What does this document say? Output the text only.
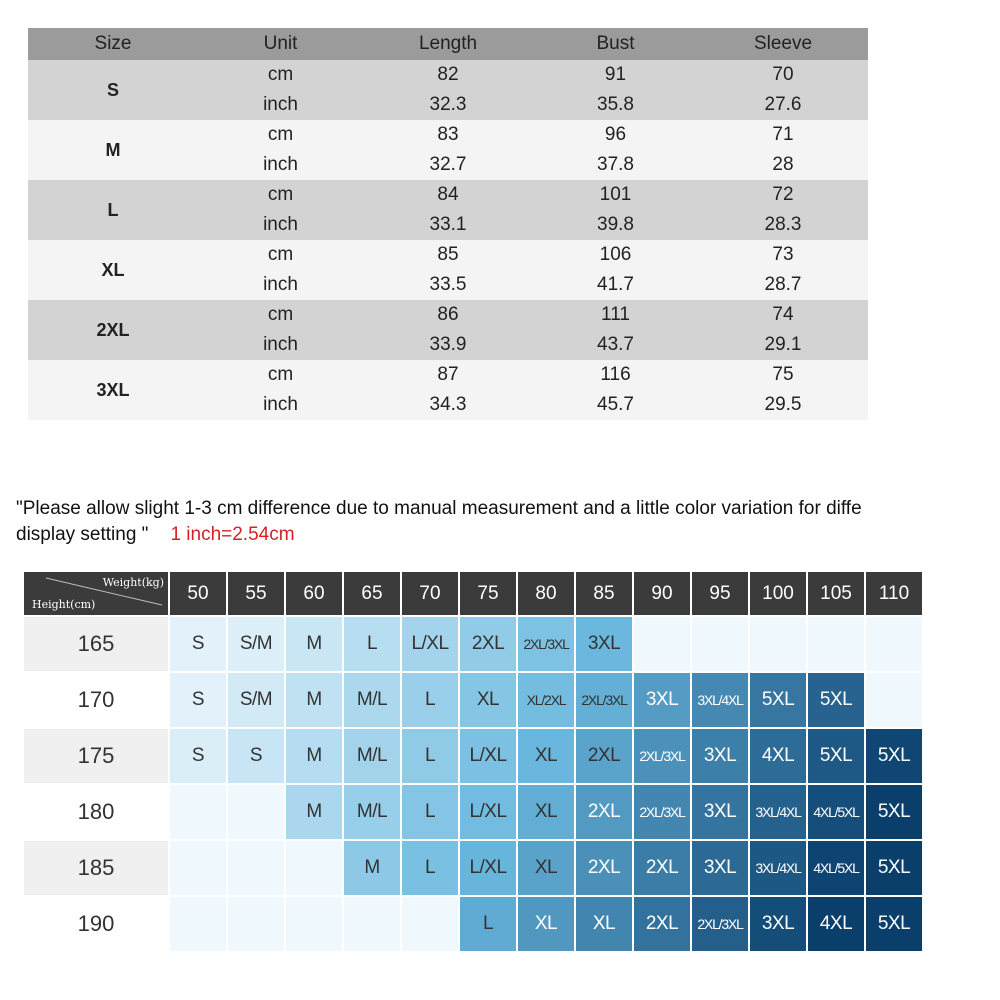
Size	Unit	Length	Bust	Sleeve
S	cm	82	91	70
	inch	32.3	35.8	27.6
M	cm	83	96	71
	inch	32.7	37.8	28
L	cm	84	101	72
	inch	33.1	39.8	28.3
XL	cm	85	106	73
	inch	33.5	41.7	28.7
2XL	cm	86	111	74
	inch	33.9	43.7	29.1
3XL	cm	87	116	75
	inch	34.3	45.7	29.5
"Please allow slight 1-3 cm difference due to manual measurement and a little color variation for diffe
display setting " 1 inch=2.54cm
Weight(kg)
Height(cm)	50	55	60	65	70	75	80	85	90	95	100	105	110
165	S	S/M	M	L	L/XL	2XL	2XL/3XL	3XL					
170	S	S/M	M	M/L	L	XL	XL/2XL	2XL/3XL	3XL	3XL/4XL	5XL	5XL	
175	S	S	M	M/L	L	L/XL	XL	2XL	2XL/3XL	3XL	4XL	5XL	5XL
180			M	M/L	L	L/XL	XL	2XL	2XL/3XL	3XL	3XL/4XL	4XL/5XL	5XL
185				M	L	L/XL	XL	2XL	2XL	3XL	3XL/4XL	4XL/5XL	5XL
190						L	XL	XL	2XL	2XL/3XL	3XL	4XL	5XL
